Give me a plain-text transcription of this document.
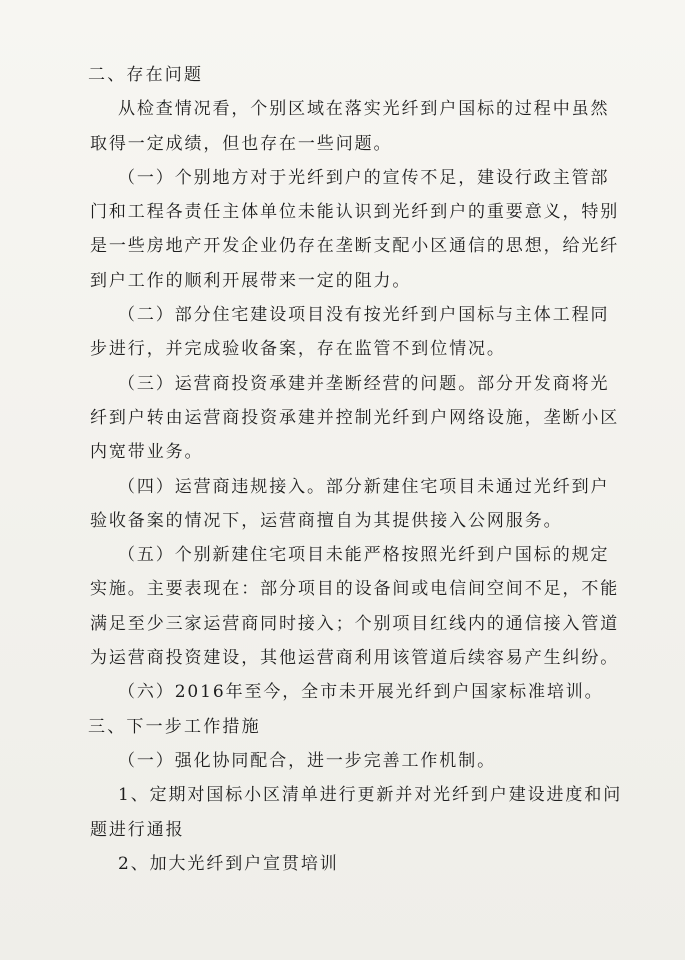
二、存在问题
从检查情况看，个别区域在落实光纤到户国标的过程中虽然
取得一定成绩，但也存在一些问题。
（一）个别地方对于光纤到户的宣传不足，建设行政主管部
门和工程各责任主体单位未能认识到光纤到户的重要意义，特别
是一些房地产开发企业仍存在垄断支配小区通信的思想，给光纤
到户工作的顺利开展带来一定的阻力。
（二）部分住宅建设项目没有按光纤到户国标与主体工程同
步进行，并完成验收备案，存在监管不到位情况。
（三）运营商投资承建并垄断经营的问题。部分开发商将光
纤到户转由运营商投资承建并控制光纤到户网络设施，垄断小区
内宽带业务。
（四）运营商违规接入。部分新建住宅项目未通过光纤到户
验收备案的情况下，运营商擅自为其提供接入公网服务。
（五）个别新建住宅项目未能严格按照光纤到户国标的规定
实施。主要表现在：部分项目的设备间或电信间空间不足，不能
满足至少三家运营商同时接入；个别项目红线内的通信接入管道
为运营商投资建设，其他运营商利用该管道后续容易产生纠纷。
（六）2016年至今，全市未开展光纤到户国家标准培训。
三、下一步工作措施
（一）强化协同配合，进一步完善工作机制。
1、定期对国标小区清单进行更新并对光纤到户建设进度和问
题进行通报
2、加大光纤到户宣贯培训
